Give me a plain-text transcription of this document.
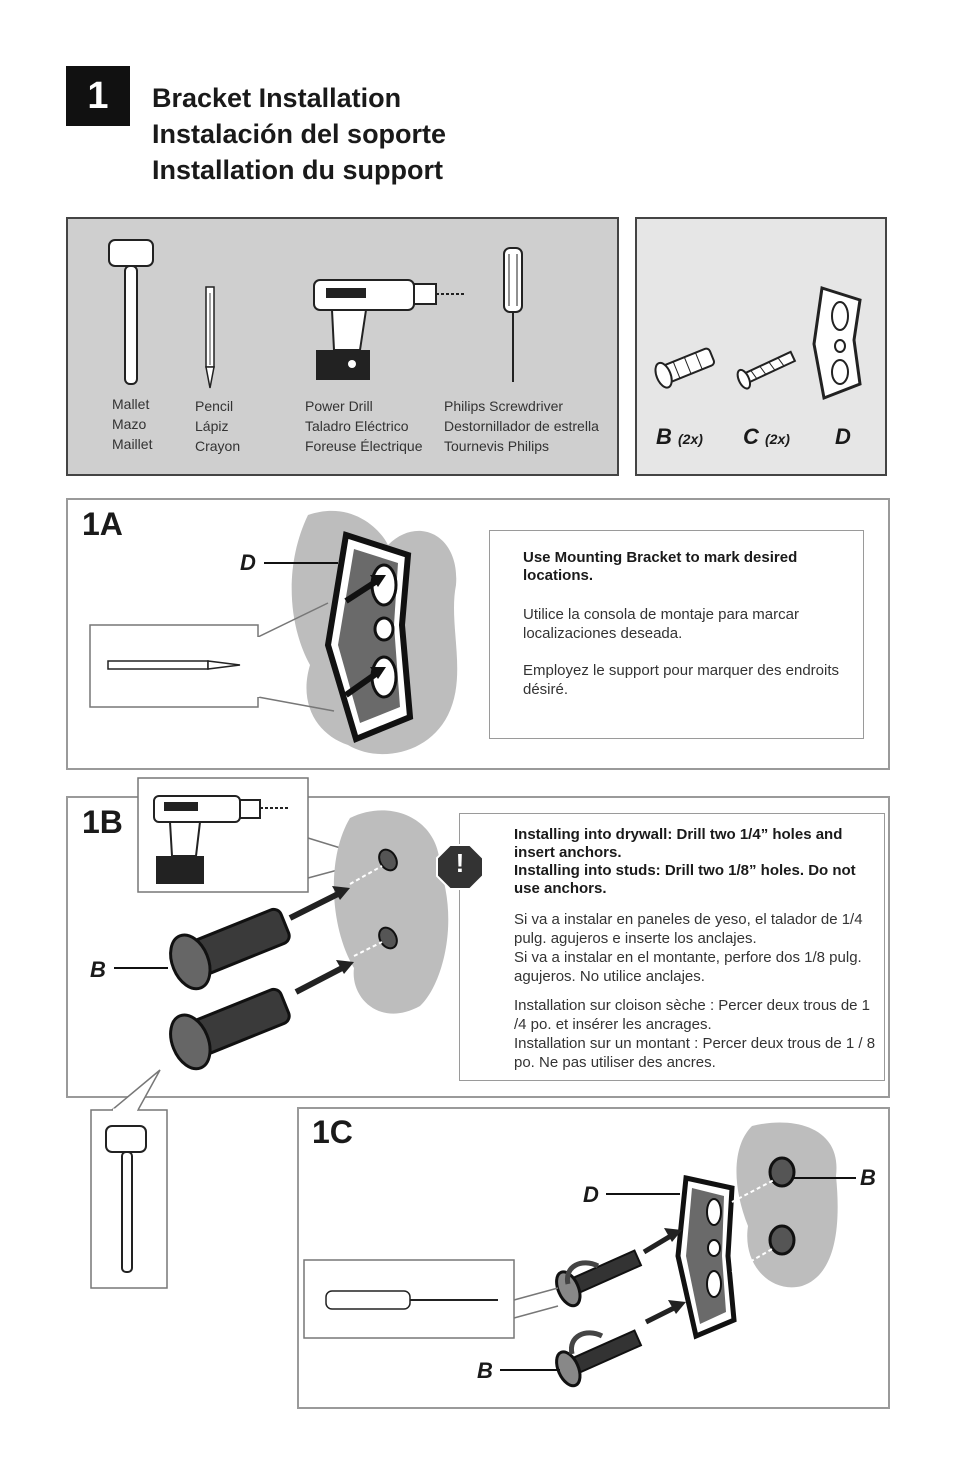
1	Bracket Installation
Instalación del soporte
Installation du support
Mallet
Mazo
Maillet
Pencil
Lápiz
Crayon
Power Drill
Taladro Eléctrico
Foreuse Électrique
Philips Screwdriver
Destornillador de estrella
Tournevis Philips	B (2x) C (2x) D
1A
D	Use Mounting Bracket to mark desired locations.
Utilice la consola de montaje para marcar localizaciones deseada.
Employez le support pour marquer des endroits désiré.
1B
B
Installing into drywall: Drill two 1/4” holes and insert anchors.
Installing into studs: Drill two 1/8” holes. Do not use anchors.
Si va a instalar en paneles de yeso, el talador de 1/4 pulg. agujeros e inserte los anclajes.
Si va a instalar en el montante, perfore dos 1/8 pulg. agujeros. No utilice anclajes.
Installation sur cloison sèche : Percer deux trous de 1 /4 po. et insérer les ancrages.
Installation sur un montant : Percer deux trous de 1 / 8 po. Ne pas utiliser des ancres.
!
1C
D
B
B
